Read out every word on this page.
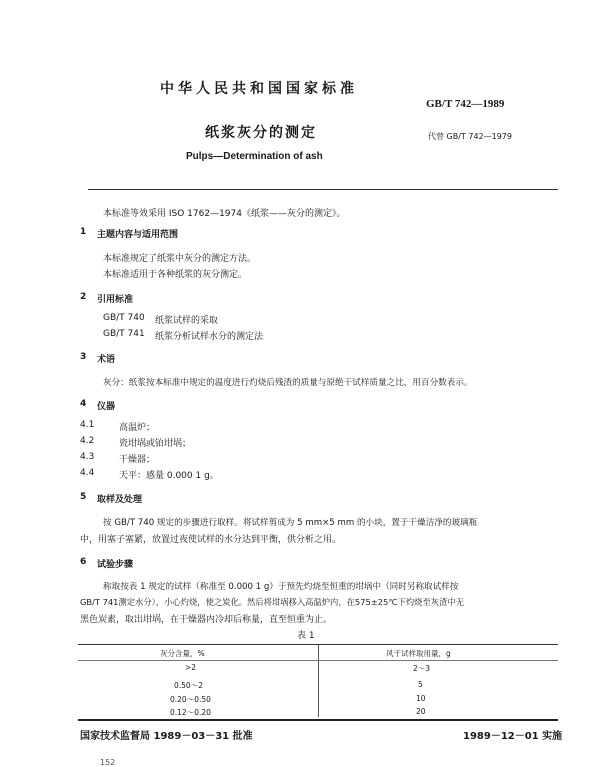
中华人民共和国国家标准
GB/T 742—1989
纸浆灰分的测定	代替 GB/T 742—1979
Pulps—Determination of ash
本标准等效采用 ISO 1762—1974《纸浆——灰分的测定》。
1 主题内容与适用范围
本标准规定了纸浆中灰分的测定方法。
本标准适用于各种纸浆的灰分测定。
2 引用标准
GB/T 740 纸浆试样的采取
GB/T 741 纸浆分析试样水分的测定法
3 术语
灰分：纸浆按本标准中规定的温度进行灼烧后残渣的质量与原绝干试样质量之比，用百分数表示。
4 仪器
4.1	高温炉；
4.2	瓷坩埚或铂坩埚；
4.3	干燥器；
4.4	天平：感量 0.000 1 g。
5 取样及处理
按 GB/T 740 规定的步骤进行取样。将试样剪成为 5 mm×5 mm 的小块，置于干燥洁净的玻璃瓶
中，用塞子塞紧，放置过夜使试样的水分达到平衡，供分析之用。
6 试验步骤
称取按表 1 规定的试样（称准至 0.000 1 g）于预先灼烧至恒重的坩埚中（同时另称取试样按
GB/T 741测定水分），小心灼烧，使之炭化。然后将坩埚移入高温炉内，在575±25℃下灼烧至灰渣中无
黑色炭素，取出坩埚，在干燥器内冷却后称量，直至恒重为止。
表 1
灰分含量，%	风干试样取用量，g
>2	2～3
0.50～2	5
0.20～0.50	10
0.12～0.20	20
国家技术监督局 1989－03－31 批准	1989－12－01 实施
152
